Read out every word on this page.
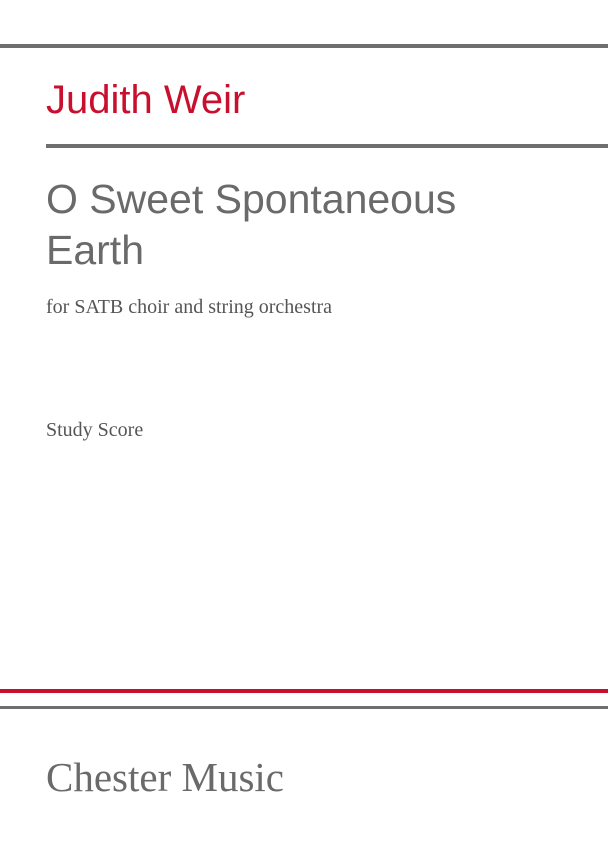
Judith Weir
O Sweet Spontaneous
Earth

for SATB choir and string orchestra

Study Score

Chester Music
